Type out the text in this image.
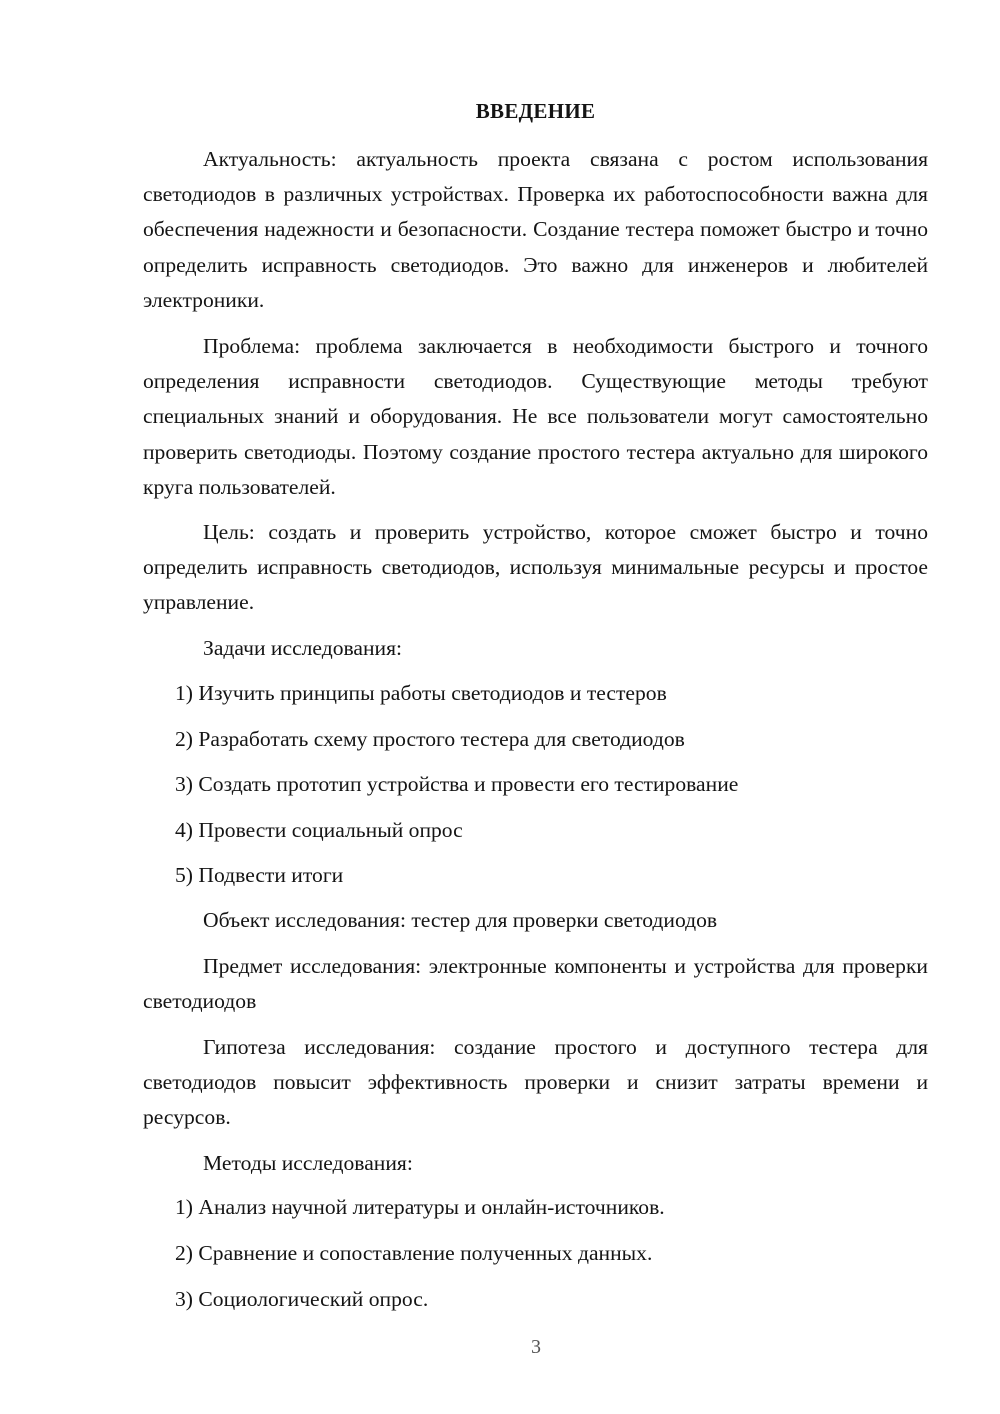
ВВЕДЕНИЕ

Актуальность: актуальность проекта связана с ростом использования светодиодов в различных устройствах. Проверка их работоспособности важна для обеспечения надежности и безопасности. Создание тестера поможет быстро и точно определить исправность светодиодов. Это важно для инженеров и любителей электроники.

Проблема: проблема заключается в необходимости быстрого и точного определения исправности светодиодов. Существующие методы требуют специальных знаний и оборудования. Не все пользователи могут самостоятельно проверить светодиоды. Поэтому создание простого тестера актуально для широкого круга пользователей.

Цель: создать и проверить устройство, которое сможет быстро и точно определить исправность светодиодов, используя минимальные ресурсы и простое управление.

Задачи исследования:

1) Изучить принципы работы светодиодов и тестеров

2) Разработать схему простого тестера для светодиодов

3) Создать прототип устройства и провести его тестирование

4) Провести социальный опрос

5) Подвести итоги

Объект исследования: тестер для проверки светодиодов

Предмет исследования: электронные компоненты и устройства для проверки светодиодов

Гипотеза исследования: создание простого и доступного тестера для светодиодов повысит эффективность проверки и снизит затраты времени и ресурсов.

Методы исследования:

1) Анализ научной литературы и онлайн-источников.

2) Сравнение и сопоставление полученных данных.

3) Социологический опрос.

3
